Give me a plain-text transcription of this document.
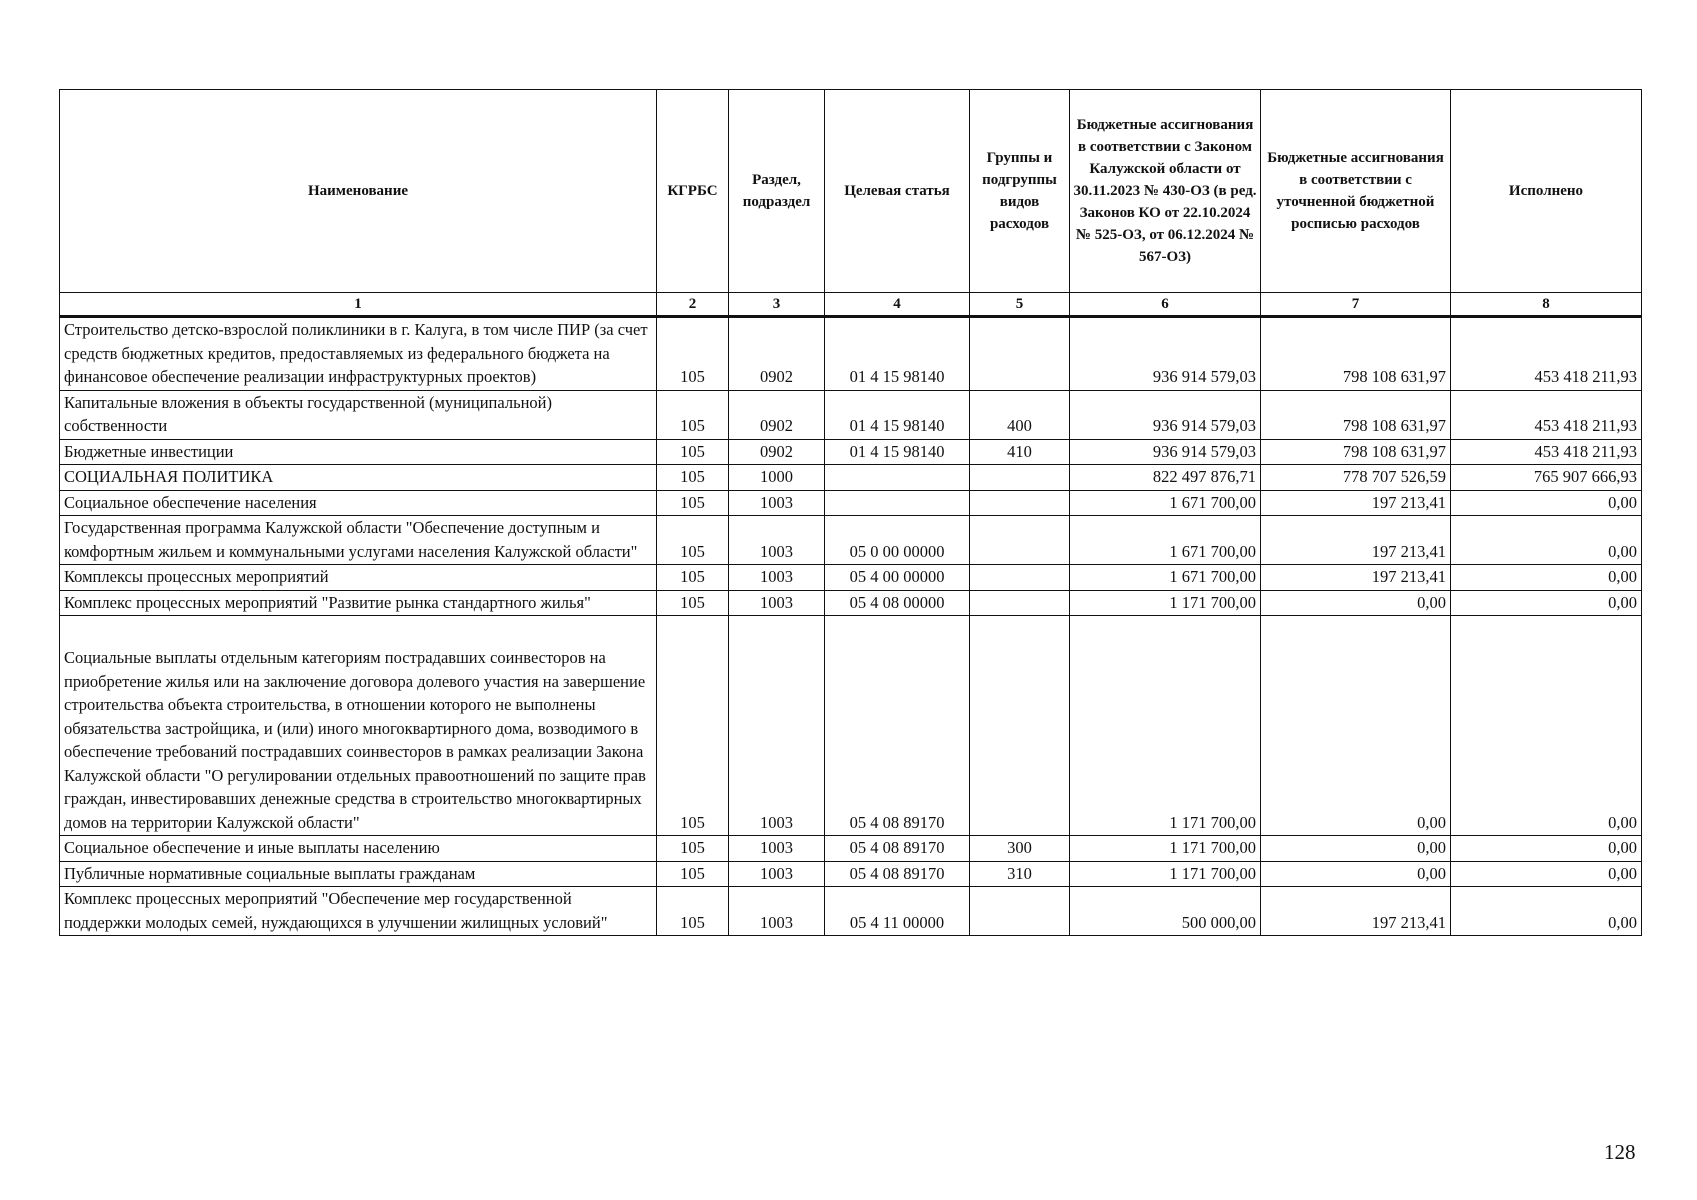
Наименование	КГРБС	Раздел, подраздел	Целевая статья	Группы и подгруппы видов расходов	Бюджетные ассигнования в соответствии с Законом Калужской области от 30.11.2023 № 430-ОЗ (в ред. Законов КО от 22.10.2024 № 525-ОЗ, от 06.12.2024 № 567-ОЗ)	Бюджетные ассигнования в соответствии с уточненной бюджетной росписью расходов	Исполнено
1	2	3	4	5	6	7	8
Строительство детско-взрослой поликлиники в г. Калуга, в том числе ПИР (за счет средств бюджетных кредитов, предоставляемых из федерального бюджета на финансовое обеспечение реализации инфраструктурных проектов)	105	0902	01 4 15 98140		936 914 579,03	798 108 631,97	453 418 211,93
Капитальные вложения в объекты государственной (муниципальной) собственности	105	0902	01 4 15 98140	400	936 914 579,03	798 108 631,97	453 418 211,93
Бюджетные инвестиции	105	0902	01 4 15 98140	410	936 914 579,03	798 108 631,97	453 418 211,93
СОЦИАЛЬНАЯ ПОЛИТИКА	105	1000			822 497 876,71	778 707 526,59	765 907 666,93
Социальное обеспечение населения	105	1003			1 671 700,00	197 213,41	0,00
Государственная программа Калужской области "Обеспечение доступным и комфортным жильем и коммунальными услугами населения Калужской области"	105	1003	05 0 00 00000		1 671 700,00	197 213,41	0,00
Комплексы процессных мероприятий	105	1003	05 4 00 00000		1 671 700,00	197 213,41	0,00
Комплекс процессных мероприятий "Развитие рынка стандартного жилья"	105	1003	05 4 08 00000		1 171 700,00	0,00	0,00
Социальные выплаты отдельным категориям пострадавших соинвесторов на приобретение жилья или на заключение договора долевого участия на завершение строительства объекта строительства, в отношении которого не выполнены обязательства застройщика, и (или) иного многоквартирного дома, возводимого в обеспечение требований пострадавших соинвесторов в рамках реализации Закона Калужской области "О регулировании отдельных правоотношений по защите прав граждан, инвестировавших денежные средства в строительство многоквартирных домов на территории Калужской области"	105	1003	05 4 08 89170		1 171 700,00	0,00	0,00
Социальное обеспечение и иные выплаты населению	105	1003	05 4 08 89170	300	1 171 700,00	0,00	0,00
Публичные нормативные социальные выплаты гражданам	105	1003	05 4 08 89170	310	1 171 700,00	0,00	0,00
Комплекс процессных мероприятий "Обеспечение мер государственной поддержки молодых семей, нуждающихся в улучшении жилищных условий"	105	1003	05 4 11 00000		500 000,00	197 213,41	0,00
128
